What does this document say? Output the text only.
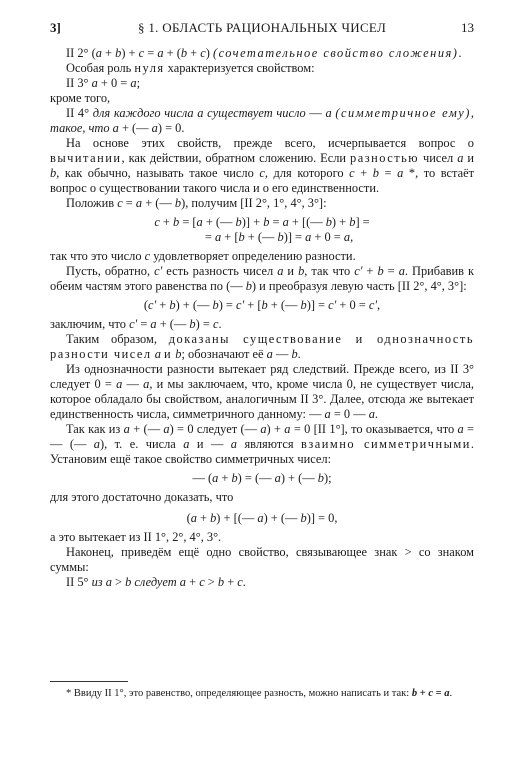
3]	§ 1. ОБЛАСТЬ РАЦИОНАЛЬНЫХ ЧИСЕЛ	13

II 2° (a + b) + c = a + (b + c) (сочетательное свойство сложения).

Особая роль нуля характеризуется свойством:

II 3° a + 0 = a;

кроме того,

II 4° для каждого числа a существует число — a (симметричное ему), такое, что a + (— a) = 0.

На основе этих свойств, прежде всего, исчерпывается вопрос о вычитании, как действии, обратном сложению. Если разностью чисел a и b, как обычно, называть такое число c, для которого c + b = a *, то встаёт вопрос о существовании такого числа и о его единственности.

Положив c = a + (— b), получим [II 2°, 1°, 4°, 3°]:

c + b = [a + (— b)] + b = a + [(— b) + b] =
= a + [b + (— b)] = a + 0 = a,

так что это число c удовлетворяет определению разности.

Пусть, обратно, c' есть разность чисел a и b, так что c' + b = a. Прибавив к обеим частям этого равенства по (— b) и преобразуя левую часть [II 2°, 4°, 3°]:

(c' + b) + (— b) = c' + [b + (— b)] = c' + 0 = c',

заключим, что c' = a + (— b) = c.

Таким образом, доказаны существование и однозначность разности чисел a и b; обозначают её a — b.

Из однозначности разности вытекает ряд следствий. Прежде всего, из II 3° следует 0 = a — a, и мы заключаем, что, кроме числа 0, не существует числа, которое обладало бы свойством, аналогичным II 3°. Далее, отсюда же вытекает единственность числа, симметричного данному: — a = 0 — a.

Так как из a + (— a) = 0 следует (— a) + a = 0 [II 1°], то оказывается, что a = — (— a), т. е. числа a и — a являются взаимно симметричными. Установим ещё такое свойство симметричных чисел:

— (a + b) = (— a) + (— b);

для этого достаточно доказать, что

(a + b) + [(— a) + (— b)] = 0,

а это вытекает из II 1°, 2°, 4°, 3°.

Наконец, приведём ещё одно свойство, связывающее знак > со знаком суммы:

II 5° из a > b следует a + c > b + c.

* Ввиду II 1°, это равенство, определяющее разность, можно написать и так: b + c = a.
